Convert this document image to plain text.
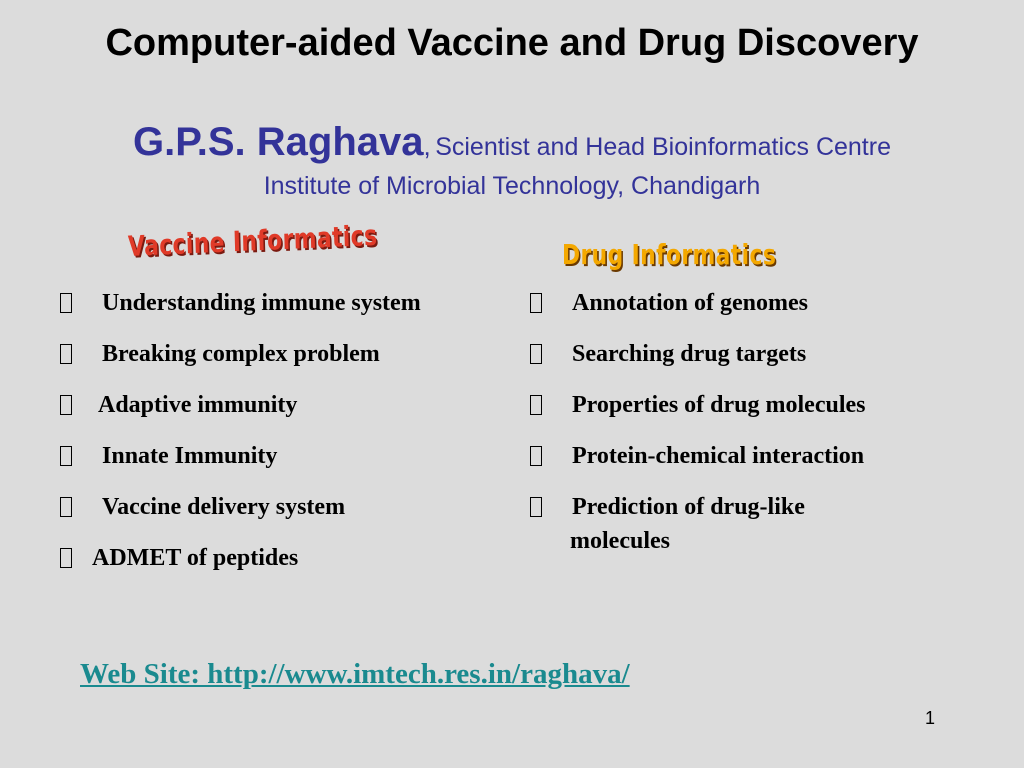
Computer-aided Vaccine and Drug Discovery
G.P.S. Raghava, Scientist and Head Bioinformatics Centre
Institute of Microbial Technology, Chandigarh
Vaccine Informatics	Drug Informatics
Understanding immune system
Breaking complex problem
Adaptive immunity
Innate Immunity
Vaccine delivery system
ADMET of peptides
Annotation of genomes
Searching drug targets
Properties of drug molecules
Protein-chemical interaction
Prediction of drug-like
molecules
Web Site: http://www.imtech.res.in/raghava/
1
